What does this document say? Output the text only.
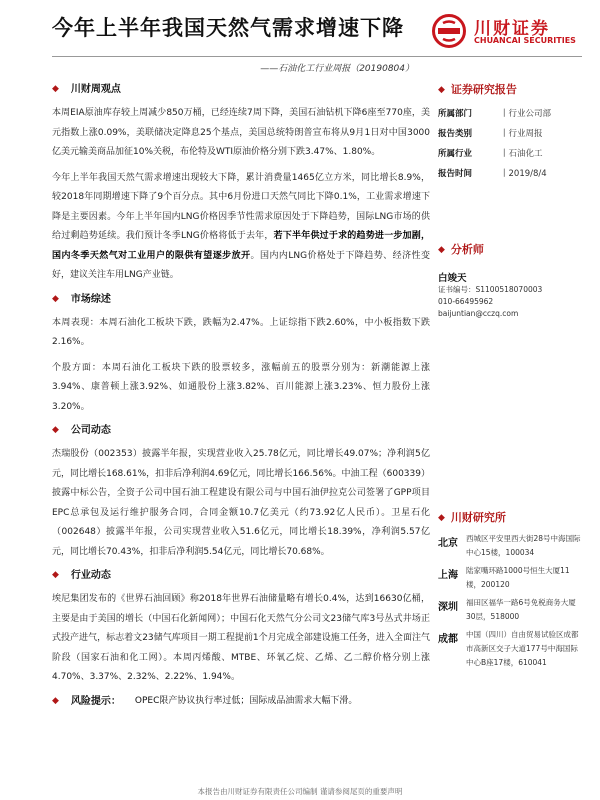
今年上半年我国天然气需求增速下降	川财证券
CHUANCAI SECURITIES
——石油化工行业周报（20190804）
◆ 川财周观点

本周EIA原油库存较上周减少850万桶，已经连续7周下降，美国石油钻机下降6座至770座，美元指数上涨0.09%，美联储决定降息25个基点，美国总统特朗普宣布将从9月1日对中国3000亿美元输美商品加征10%关税，布伦特及WTI原油价格分别下跌3.47%、1.80%。

今年上半年我国天然气需求增速出现较大下降，累计消费量1465亿立方米，同比增长8.9%，较2018年同期增速下降了9个百分点。其中6月份进口天然气同比下降0.1%，工业需求增速下降是主要因素。今年上半年国内LNG价格因季节性需求原因处于下降趋势，国际LNG市场的供给过剩趋势延续。我们预计冬季LNG价格将低于去年，若下半年供过于求的趋势进一步加剧，国内冬季天然气对工业用户的限供有望逐步放开。国内内LNG价格处于下降趋势、经济性变好，建议关注车用LNG产业链。

◆ 市场综述

本周表现：本周石油化工板块下跌，跌幅为2.47%。上证综指下跌2.60%，中小板指数下跌2.16%。

个股方面：本周石油化工板块下跌的股票较多，涨幅前五的股票分别为：新潮能源上涨3.94%、康普顿上涨3.92%、如通股份上涨3.82%、百川能源上涨3.23%、恒力股份上涨3.20%。

◆ 公司动态

杰瑞股份（002353）披露半年报，实现营业收入25.78亿元，同比增长49.07%；净利润5亿元，同比增长168.61%，扣非后净利润4.69亿元，同比增长166.56%。中油工程（600339）披露中标公告，全资子公司中国石油工程建设有限公司与中国石油伊拉克公司签署了GPP项目EPC总承包及运行维护服务合同，合同金额10.7亿美元（约73.92亿人民币）。卫星石化（002648）披露半年报，公司实现营业收入51.6亿元，同比增长18.39%，净利润5.57亿元，同比增长70.43%，扣非后净利润5.54亿元，同比增长70.68%。

◆ 行业动态

埃尼集团发布的《世界石油回顾》称2018年世界石油储量略有增长0.4%，达到16630亿桶，主要是由于美国的增长（中国石化新闻网）；中国石化天然气分公司文23储气库3号丛式井场正式投产进气，标志着文23储气库项目一期工程提前1个月完成全部建设施工任务，进入全面注气阶段（国家石油和化工网）。本周丙烯酸、MTBE、环氧乙烷、乙烯、乙二醇价格分别上涨4.70%、3.37%、2.32%、2.22%、1.94%。

◆ 风险提示： OPEC限产协议执行率过低；国际成品油需求大幅下滑。
◆ 证券研究报告
所属部门	丨行业公司部
报告类别	丨行业周报
所属行业	丨石油化工
报告时间	丨2019/8/4
◆ 分析师
白竣天
证书编号：S1100518070003
010-66495962
baijuntian@cczq.com
◆ 川财研究所
北京	西城区平安里西大街28号中海国际中心15楼，100034
上海	陆家嘴环路1000号恒生大厦11楼，200120
深圳	福田区福华一路6号免税商务大厦30层，518000
成都	中国（四川）自由贸易试验区成都市高新区交子大道177号中海国际中心B座17楼，610041
本报告由川财证券有限责任公司编制 谨请参阅尾页的重要声明
